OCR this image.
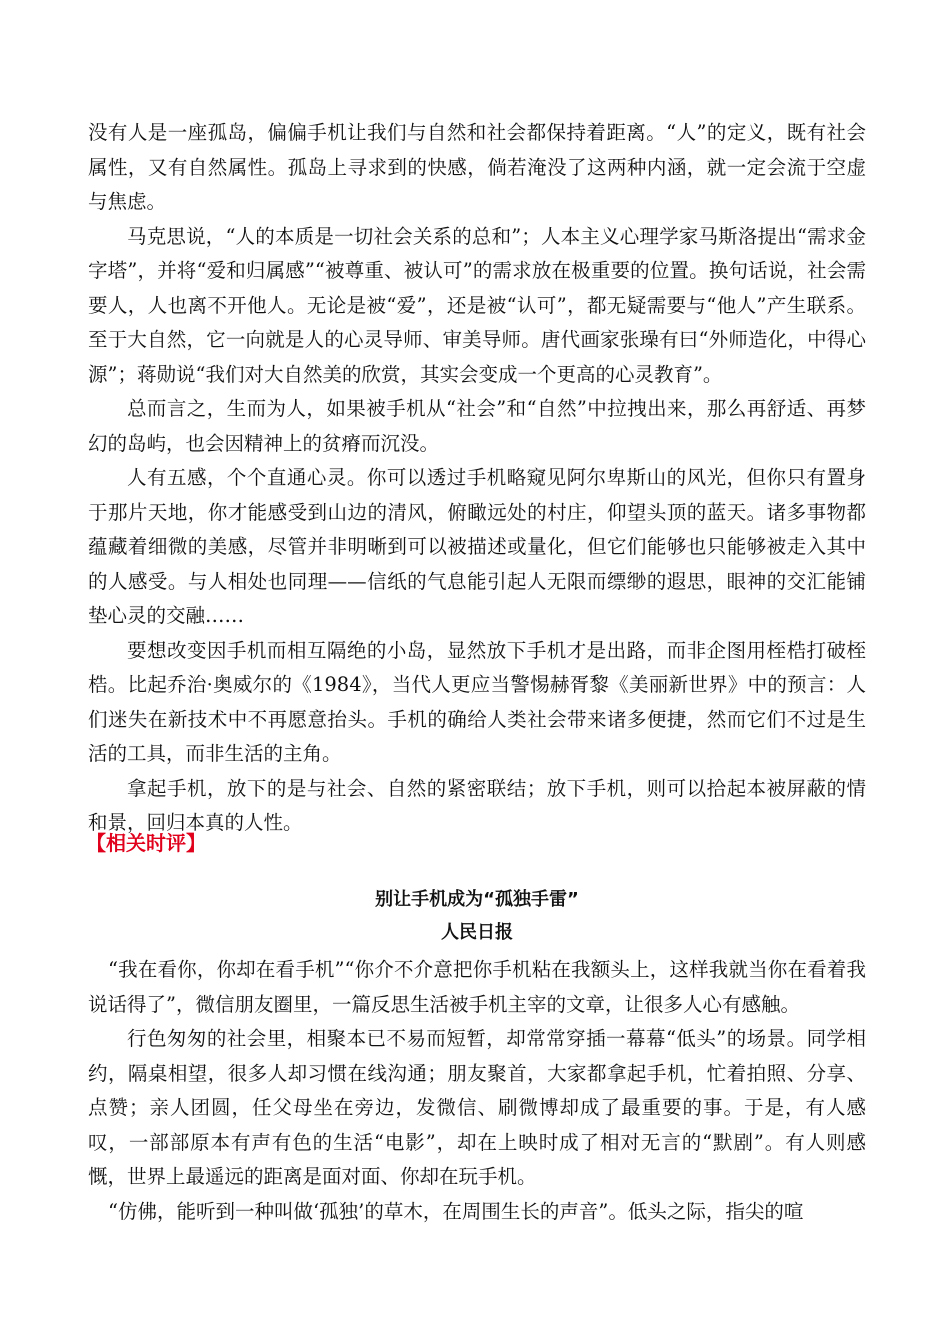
没有人是一座孤岛，偏偏手机让我们与自然和社会都保持着距离。“人”的定义，既有社会属性，又有自然属性。孤岛上寻求到的快感，倘若淹没了这两种内涵，就一定会流于空虚与焦虑。

马克思说，“人的本质是一切社会关系的总和”；人本主义心理学家马斯洛提出“需求金字塔”，并将“爱和归属感”“被尊重、被认可”的需求放在极重要的位置。换句话说，社会需要人，人也离不开他人。无论是被“爱”，还是被“认可”，都无疑需要与“他人”产生联系。至于大自然，它一向就是人的心灵导师、审美导师。唐代画家张璪有曰“外师造化，中得心源”；蒋勋说“我们对大自然美的欣赏，其实会变成一个更高的心灵教育”。

总而言之，生而为人，如果被手机从“社会”和“自然”中拉拽出来，那么再舒适、再梦幻的岛屿，也会因精神上的贫瘠而沉没。

人有五感，个个直通心灵。你可以透过手机略窥见阿尔卑斯山的风光，但你只有置身于那片天地，你才能感受到山边的清风，俯瞰远处的村庄，仰望头顶的蓝天。诸多事物都蕴藏着细微的美感，尽管并非明晰到可以被描述或量化，但它们能够也只能够被走入其中的人感受。与人相处也同理——信纸的气息能引起人无限而缥缈的遐思，眼神的交汇能铺垫心灵的交融……

要想改变因手机而相互隔绝的小岛，显然放下手机才是出路，而非企图用桎梏打破桎梏。比起乔治·奥威尔的《1984》，当代人更应当警惕赫胥黎《美丽新世界》中的预言：人们迷失在新技术中不再愿意抬头。手机的确给人类社会带来诸多便捷，然而它们不过是生活的工具，而非生活的主角。

拿起手机，放下的是与社会、自然的紧密联结；放下手机，则可以拾起本被屏蔽的情和景，回归本真的人性。

【相关时评】

别让手机成为“孤独手雷”

人民日报

“我在看你，你却在看手机”“你介不介意把你手机粘在我额头上，这样我就当你在看着我说话得了”，微信朋友圈里，一篇反思生活被手机主宰的文章，让很多人心有感触。

行色匆匆的社会里，相聚本已不易而短暂，却常常穿插一幕幕“低头”的场景。同学相约，隔桌相望，很多人却习惯在线沟通；朋友聚首，大家都拿起手机，忙着拍照、分享、点赞；亲人团圆，任父母坐在旁边，发微信、刷微博却成了最重要的事。于是，有人感叹，一部部原本有声有色的生活“电影”，却在上映时成了相对无言的“默剧”。有人则感慨，世界上最遥远的距离是面对面、你却在玩手机。

“仿佛，能听到一种叫做‘孤独’的草木，在周围生长的声音”。低头之际，指尖的喧
